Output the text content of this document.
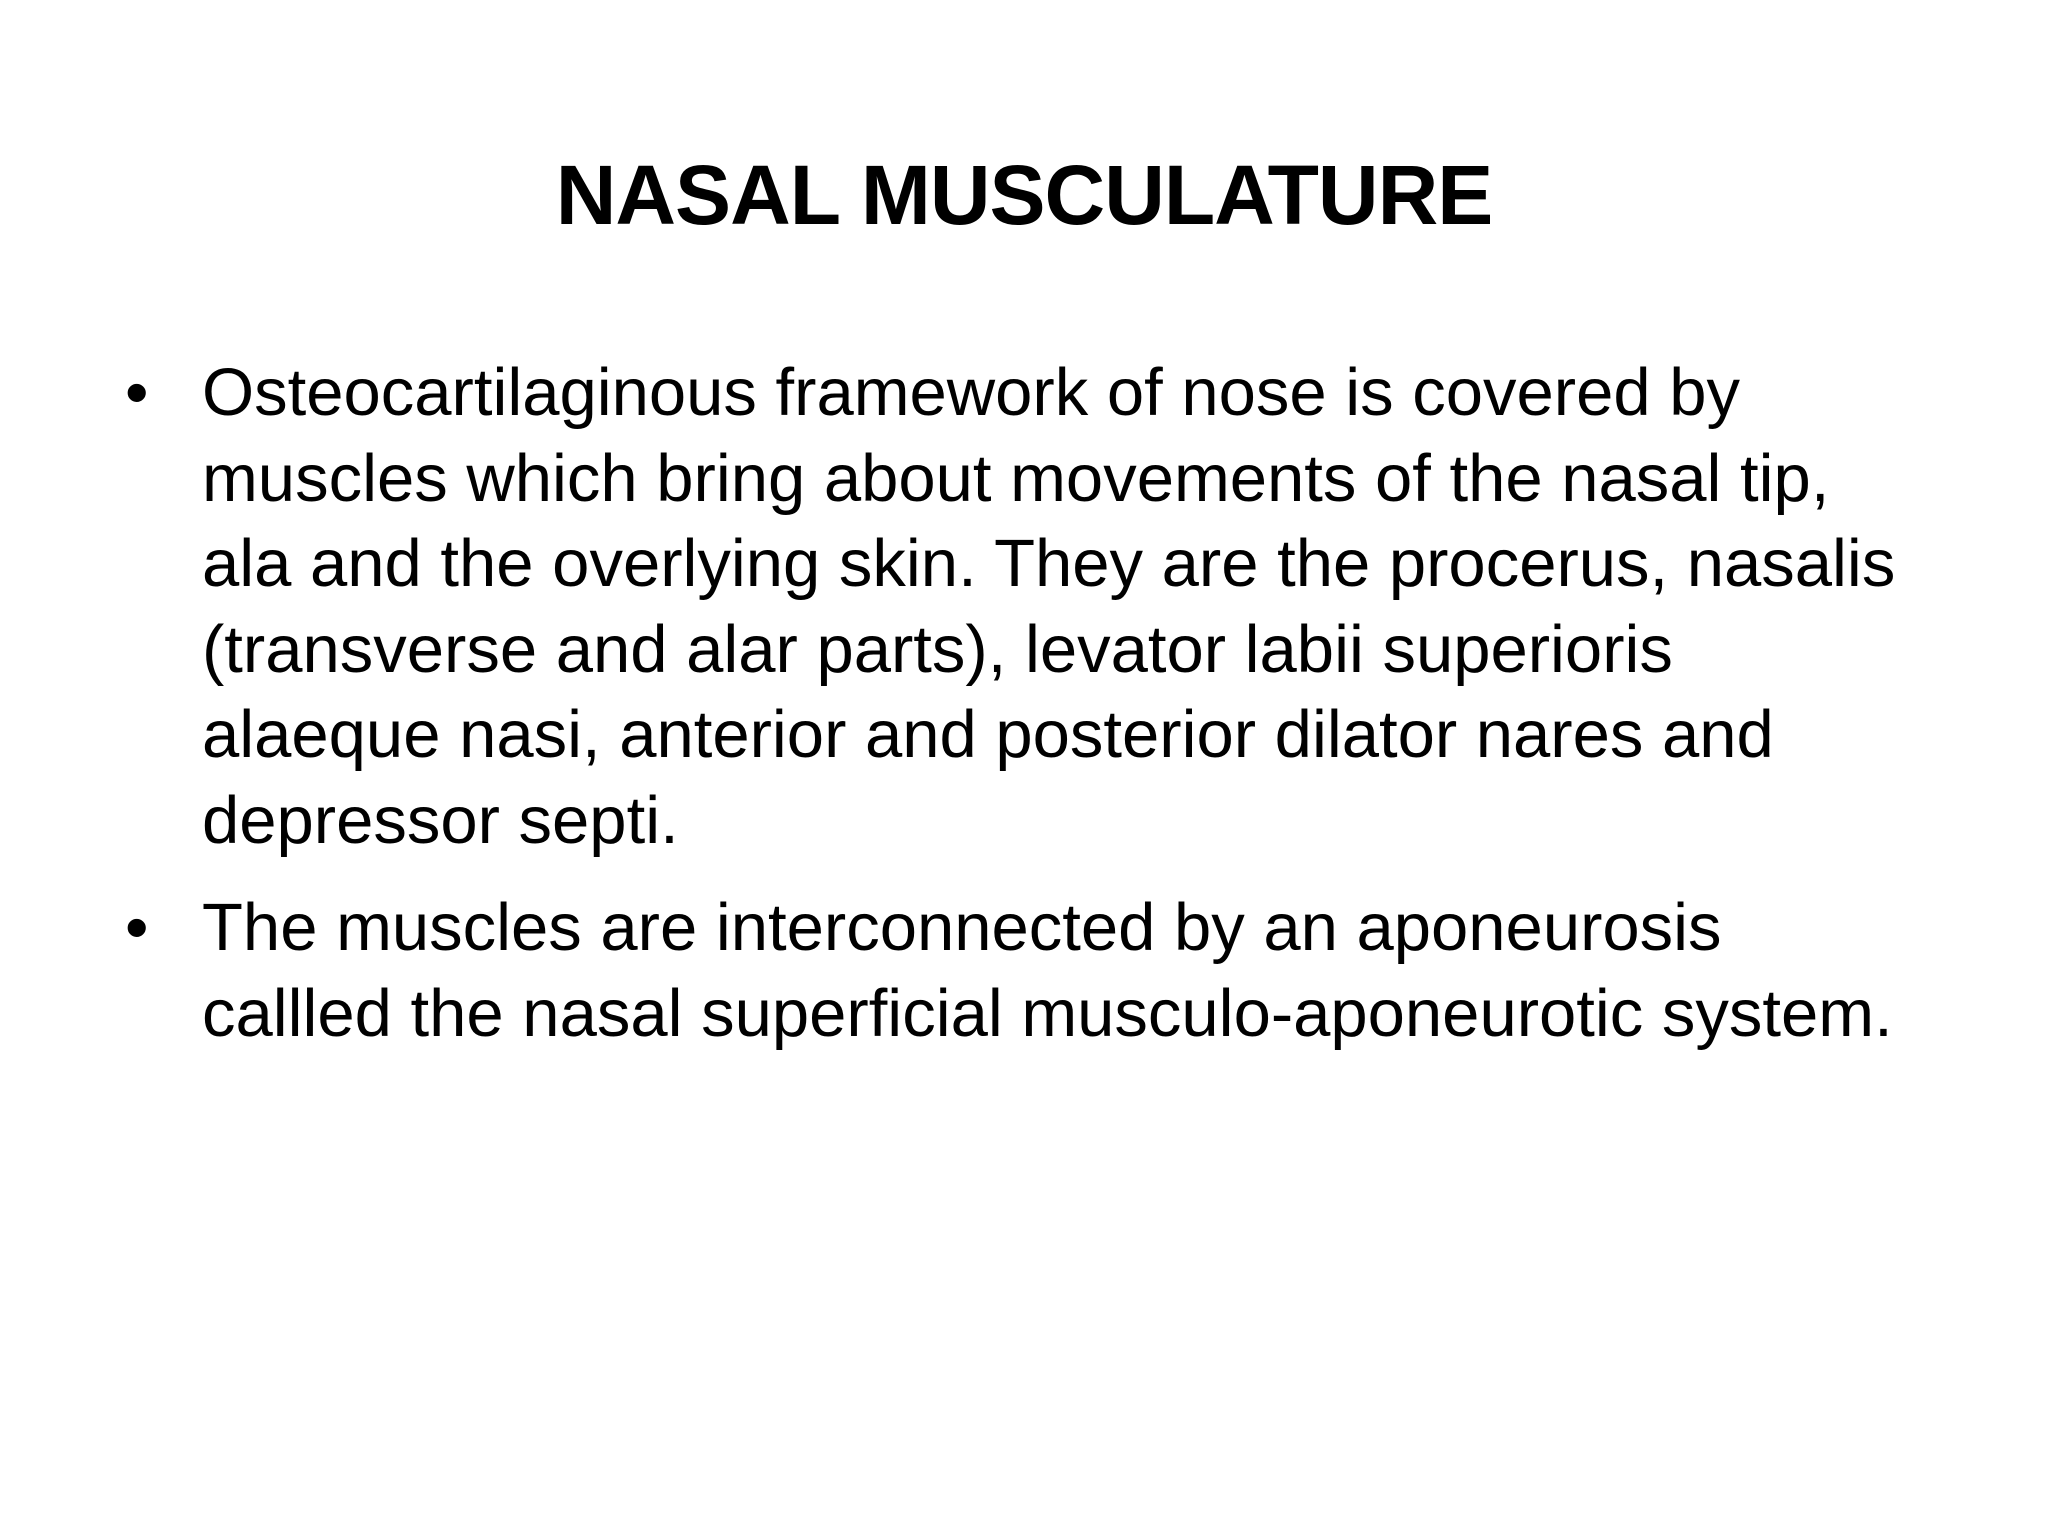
NASAL MUSCULATURE
• Osteocartilaginous framework of nose is covered by muscles which bring about movements of the nasal tip, ala and the overlying skin. They are the procerus, nasalis (transverse and alar parts), levator labii superioris alaeque nasi, anterior and posterior dilator nares and depressor septi.
• The muscles are interconnected by an aponeurosis callled the nasal superficial musculo-aponeurotic system.
